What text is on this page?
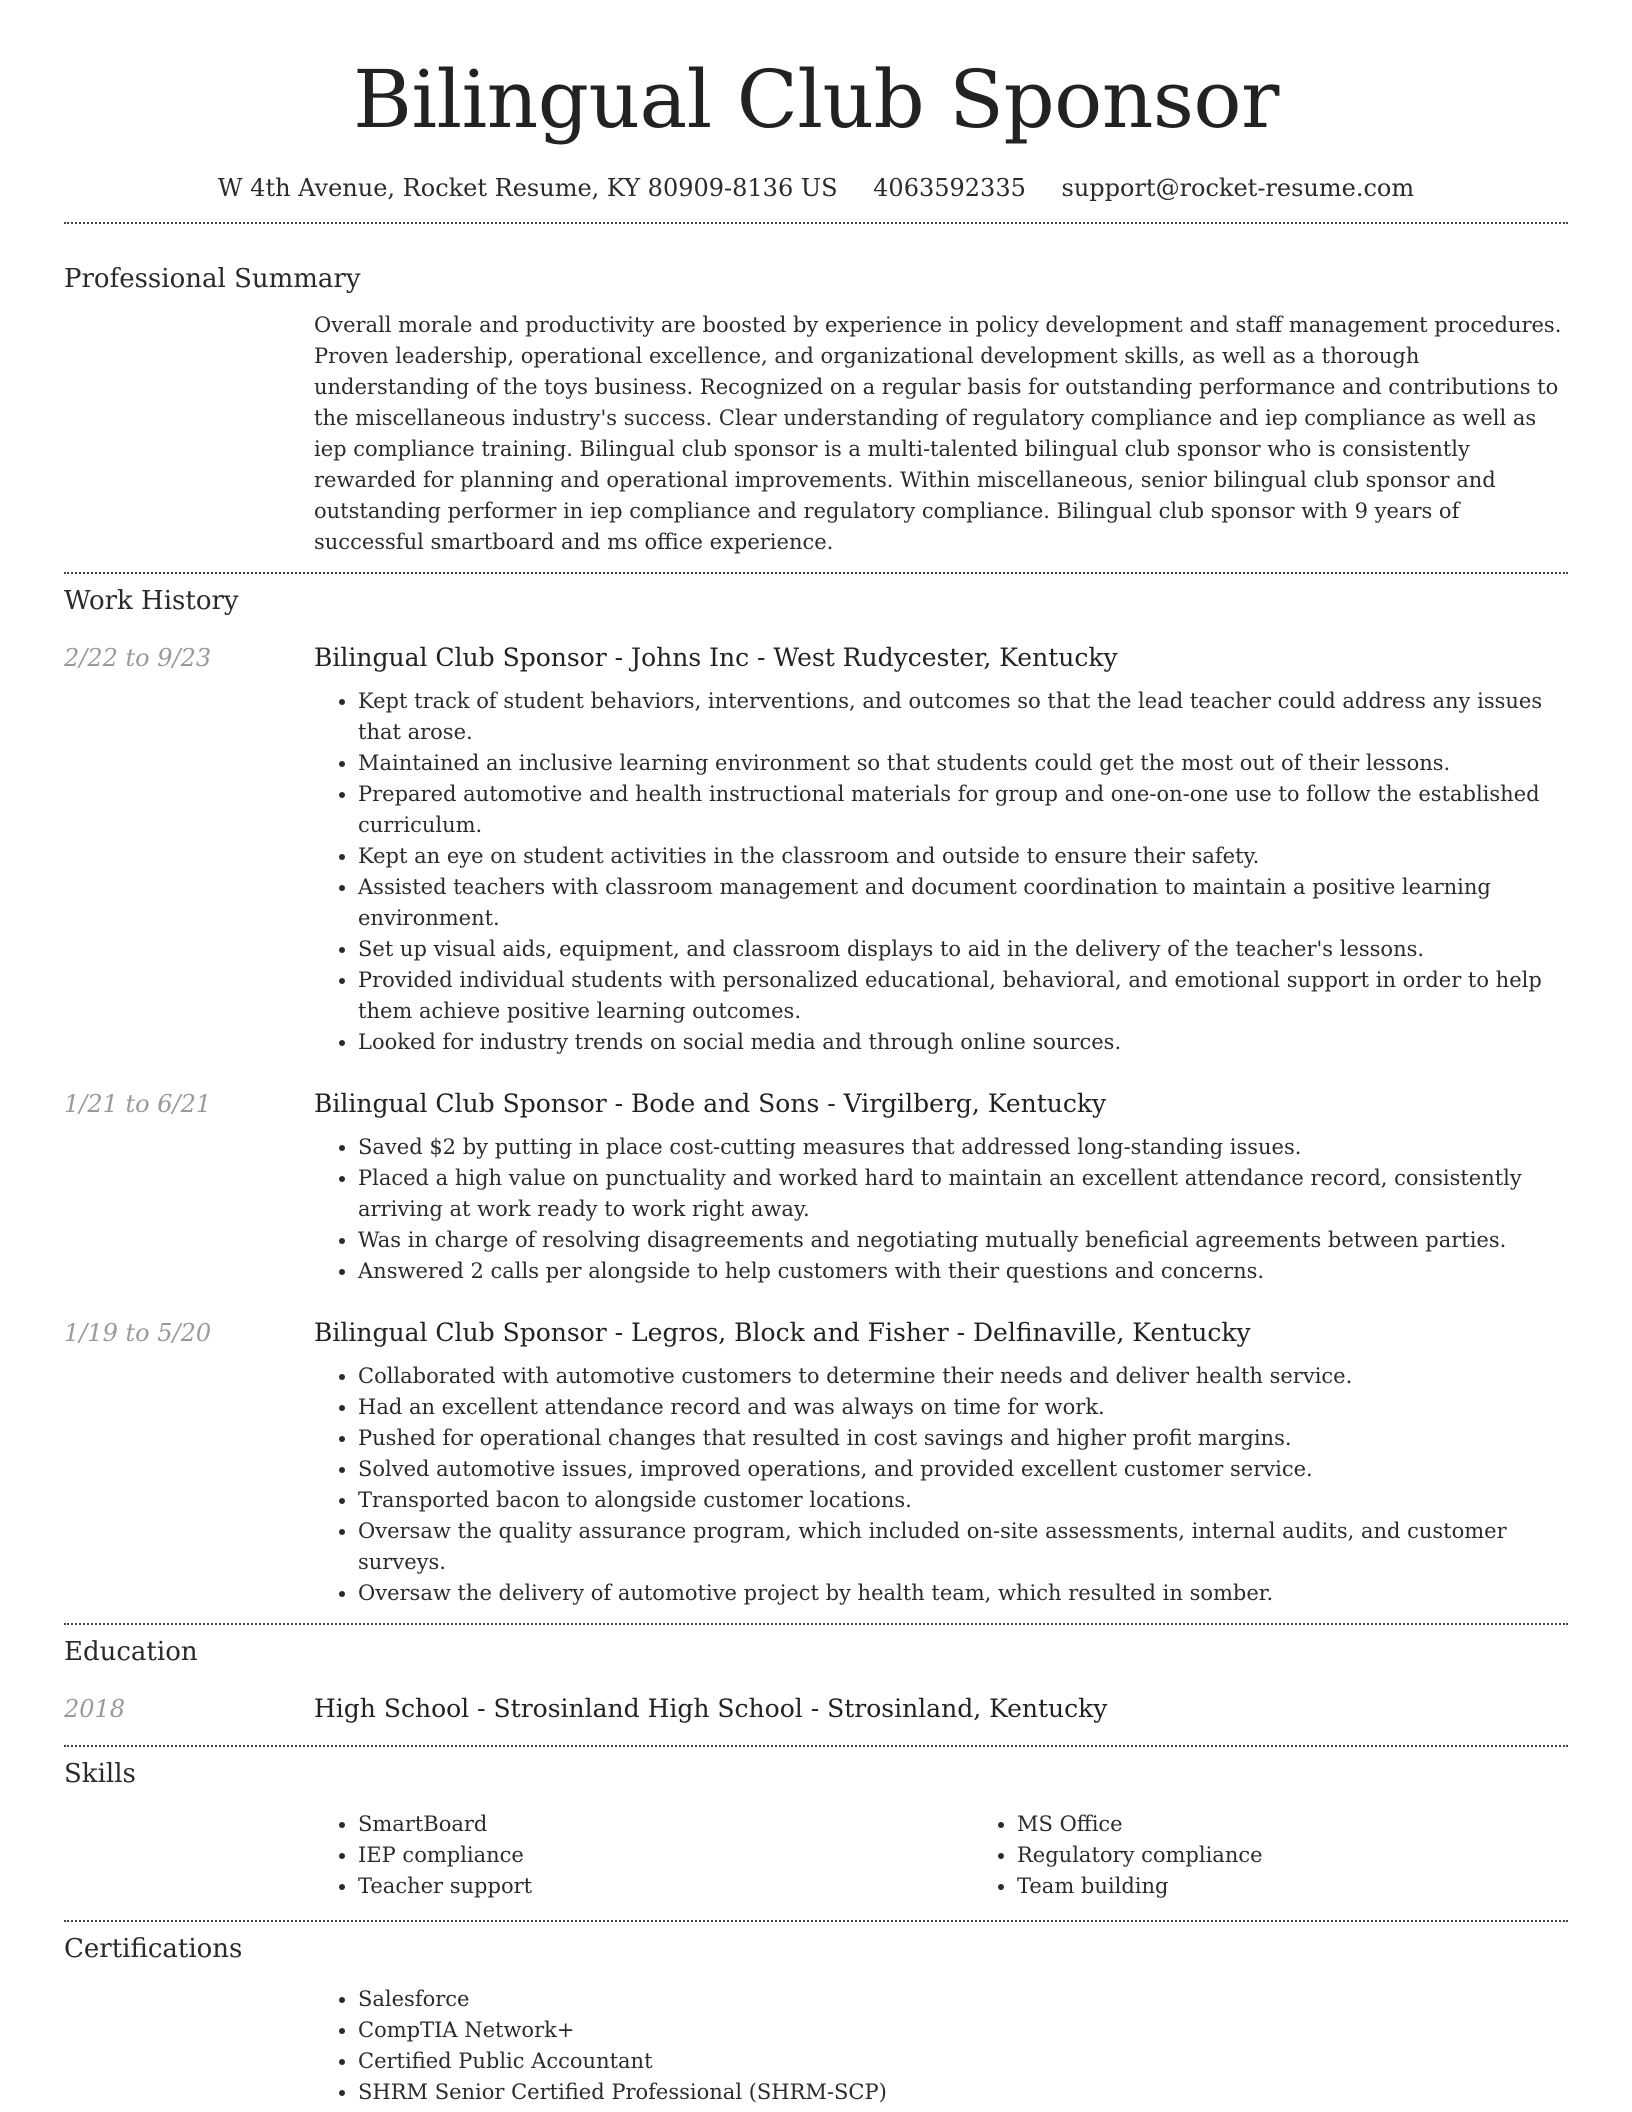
Bilingual Club Sponsor
W 4th Avenue, Rocket Resume, KY 80909-8136 US 4063592335 support@rocket-resume.com
Professional Summary

Overall morale and productivity are boosted by experience in policy development and staff management procedures. Proven leadership, operational excellence, and organizational development skills, as well as a thorough understanding of the toys business. Recognized on a regular basis for outstanding performance and contributions to the miscellaneous industry's success. Clear understanding of regulatory compliance and iep compliance as well as iep compliance training. Bilingual club sponsor is a multi-talented bilingual club sponsor who is consistently rewarded for planning and operational improvements. Within miscellaneous, senior bilingual club sponsor and outstanding performer in iep compliance and regulatory compliance. Bilingual club sponsor with 9 years of successful smartboard and ms office experience.

Work History
2/22 to 9/23	Bilingual Club Sponsor - Johns Inc - West Rudycester, Kentucky
• Kept track of student behaviors, interventions, and outcomes so that the lead teacher could address any issues that arose.
• Maintained an inclusive learning environment so that students could get the most out of their lessons.
• Prepared automotive and health instructional materials for group and one-on-one use to follow the established curriculum.
• Kept an eye on student activities in the classroom and outside to ensure their safety.
• Assisted teachers with classroom management and document coordination to maintain a positive learning environment.
• Set up visual aids, equipment, and classroom displays to aid in the delivery of the teacher's lessons.
• Provided individual students with personalized educational, behavioral, and emotional support in order to help them achieve positive learning outcomes.
• Looked for industry trends on social media and through online sources.
1/21 to 6/21	Bilingual Club Sponsor - Bode and Sons - Virgilberg, Kentucky
• Saved $2 by putting in place cost-cutting measures that addressed long-standing issues.
• Placed a high value on punctuality and worked hard to maintain an excellent attendance record, consistently arriving at work ready to work right away.
• Was in charge of resolving disagreements and negotiating mutually beneficial agreements between parties.
• Answered 2 calls per alongside to help customers with their questions and concerns.
1/19 to 5/20	Bilingual Club Sponsor - Legros, Block and Fisher - Delfinaville, Kentucky
• Collaborated with automotive customers to determine their needs and deliver health service.
• Had an excellent attendance record and was always on time for work.
• Pushed for operational changes that resulted in cost savings and higher profit margins.
• Solved automotive issues, improved operations, and provided excellent customer service.
• Transported bacon to alongside customer locations.
• Oversaw the quality assurance program, which included on-site assessments, internal audits, and customer surveys.
• Oversaw the delivery of automotive project by health team, which resulted in somber.
Education
2018	High School - Strosinland High School - Strosinland, Kentucky
Skills
• SmartBoard
• IEP compliance
• Teacher support
• MS Office
• Regulatory compliance
• Team building
Certifications
• Salesforce
• CompTIA Network+
• Certified Public Accountant
• SHRM Senior Certified Professional (SHRM-SCP)
